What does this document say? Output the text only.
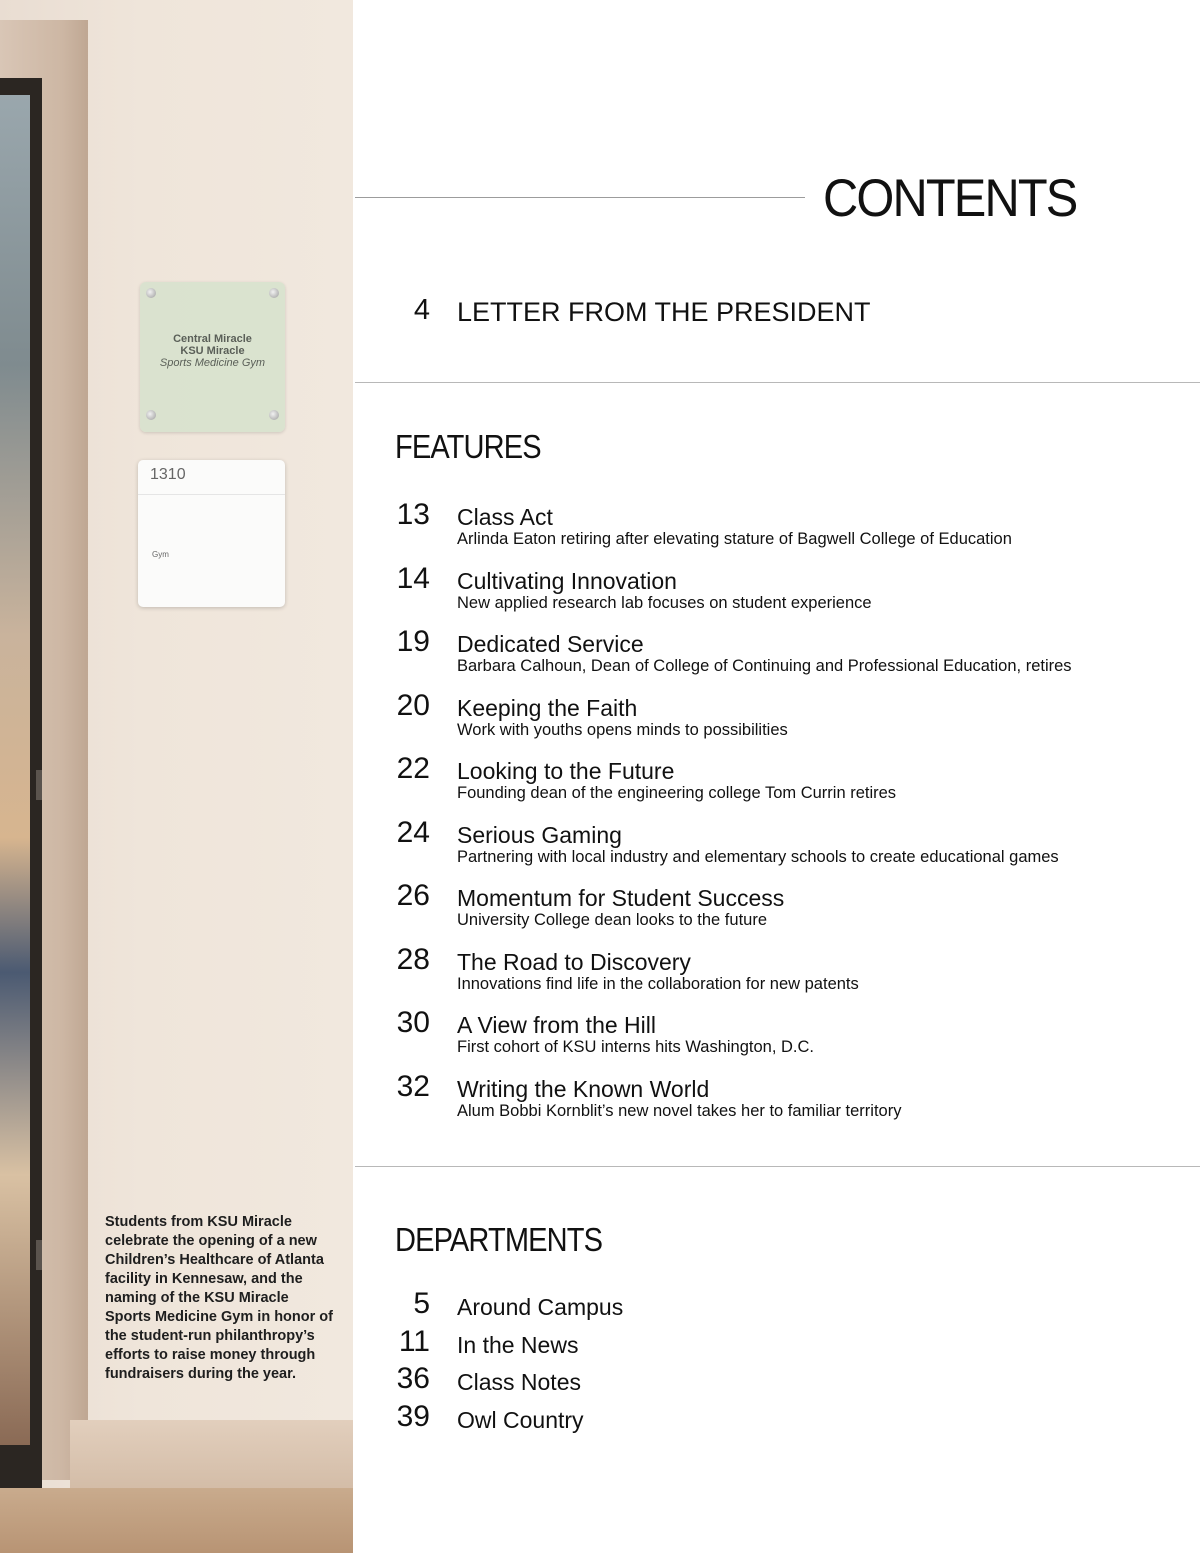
Central Miracle
KSU Miracle
Sports Medicine Gym
1310
Gym
Students from KSU Miracle celebrate the opening of a new Children’s Healthcare of Atlanta facility in Kennesaw, and the naming of the KSU Miracle Sports Medicine Gym in honor of the student-run philanthropy’s efforts to raise money through fundraisers during the year.
CONTENTS
4 LETTER FROM THE PRESIDENT
FEATURES
13 Class Act
Arlinda Eaton retiring after elevating stature of Bagwell College of Education
14 Cultivating Innovation
New applied research lab focuses on student experience
19 Dedicated Service
Barbara Calhoun, Dean of College of Continuing and Professional Education, retires
20 Keeping the Faith
Work with youths opens minds to possibilities
22 Looking to the Future
Founding dean of the engineering college Tom Currin retires
24 Serious Gaming
Partnering with local industry and elementary schools to create educational games
26 Momentum for Student Success
University College dean looks to the future
28 The Road to Discovery
Innovations find life in the collaboration for new patents
30 A View from the Hill
First cohort of KSU interns hits Washington, D.C.
32 Writing the Known World
Alum Bobbi Kornblit’s new novel takes her to familiar territory
DEPARTMENTS
5 Around Campus
11 In the News
36 Class Notes
39 Owl Country
